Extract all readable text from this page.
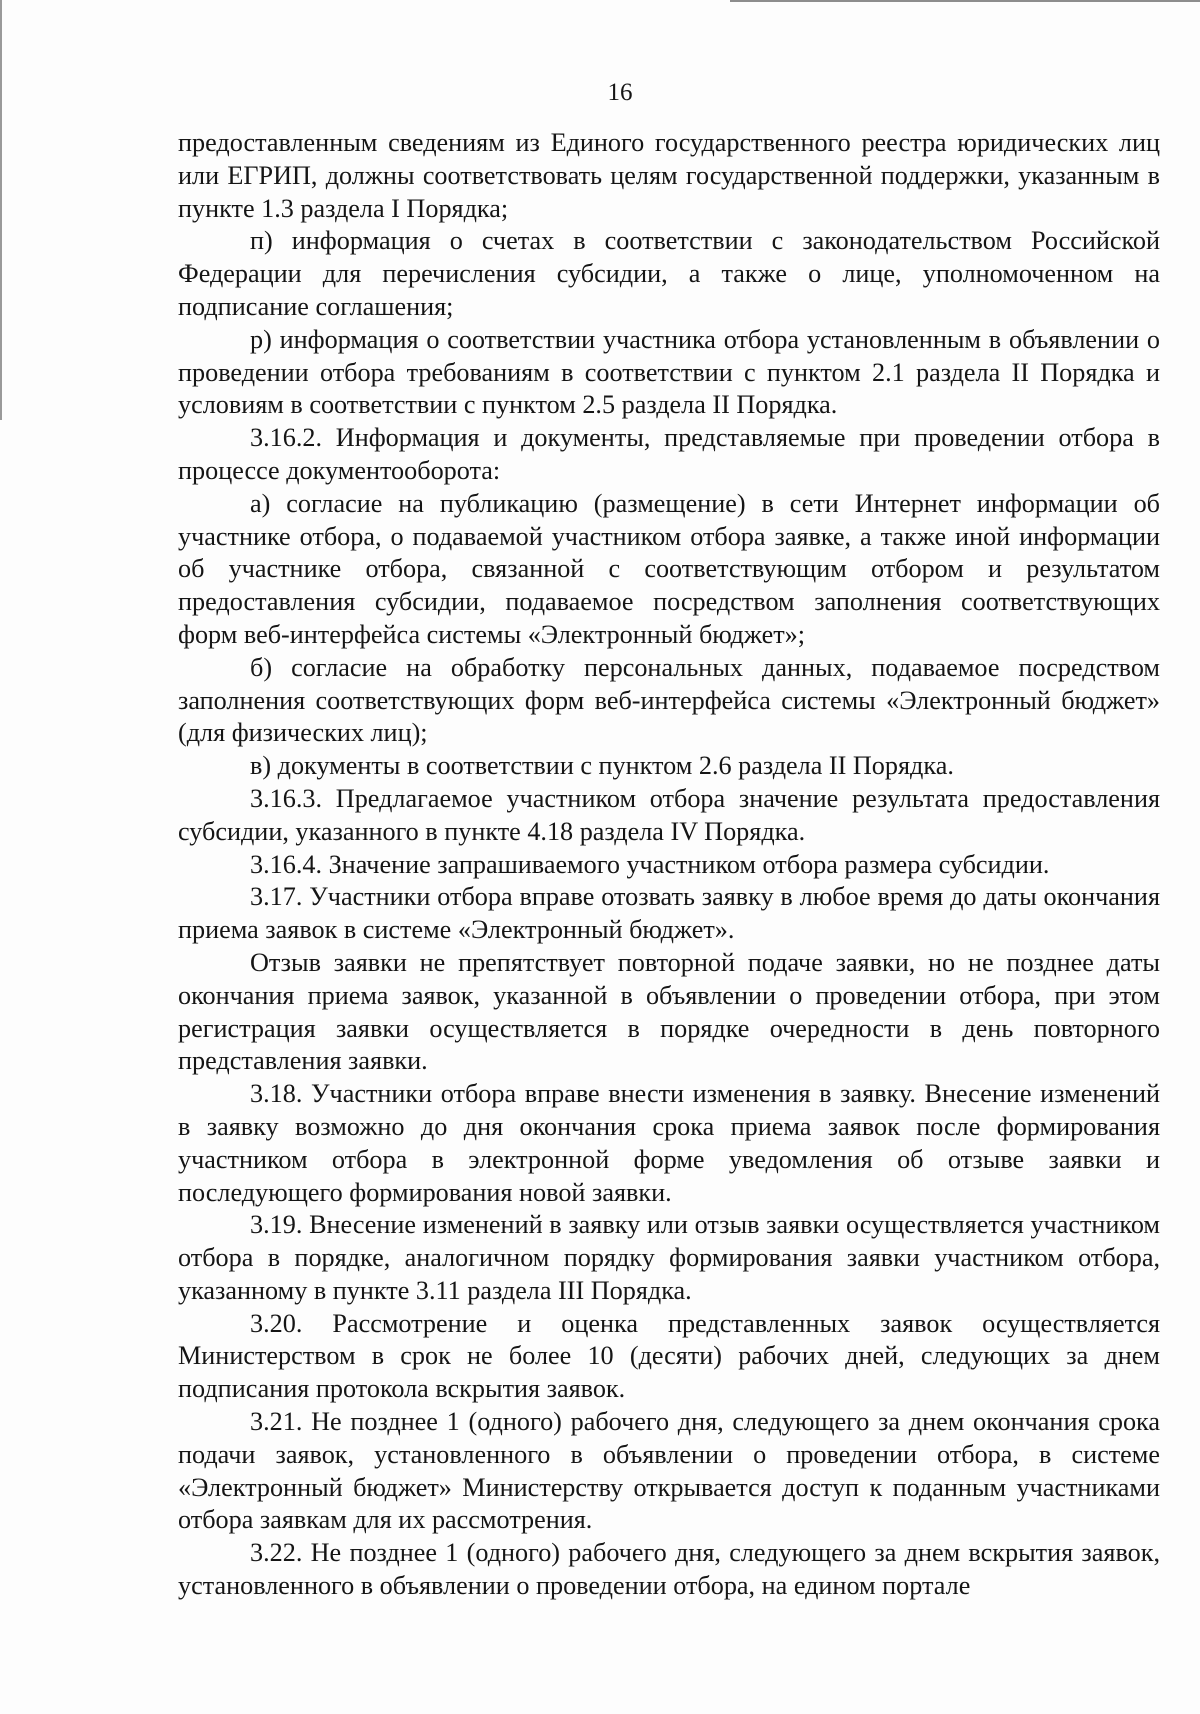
16

предоставленным сведениям из Единого государственного реестра юридических лиц или ЕГРИП, должны соответствовать целям государственной поддержки, указанным в пункте 1.3 раздела I Порядка;

п) информация о счетах в соответствии с законодательством Российской Федерации для перечисления субсидии, а также о лице, уполномоченном на подписание соглашения;

р) информация о соответствии участника отбора установленным в объявлении о проведении отбора требованиям в соответствии с пунктом 2.1 раздела II Порядка и условиям в соответствии с пунктом 2.5 раздела II Порядка.

3.16.2. Информация и документы, представляемые при проведении отбора в процессе документооборота:

а) согласие на публикацию (размещение) в сети Интернет информации об участнике отбора, о подаваемой участником отбора заявке, а также иной информации об участнике отбора, связанной с соответствующим отбором и результатом предоставления субсидии, подаваемое посредством заполнения соответствующих форм веб-интерфейса системы «Электронный бюджет»;

б) согласие на обработку персональных данных, подаваемое посредством заполнения соответствующих форм веб-интерфейса системы «Электронный бюджет» (для физических лиц);

в) документы в соответствии с пунктом 2.6 раздела II Порядка.

3.16.3. Предлагаемое участником отбора значение результата предоставления субсидии, указанного в пункте 4.18 раздела IV Порядка.

3.16.4. Значение запрашиваемого участником отбора размера субсидии.

3.17. Участники отбора вправе отозвать заявку в любое время до даты окончания приема заявок в системе «Электронный бюджет».

Отзыв заявки не препятствует повторной подаче заявки, но не позднее даты окончания приема заявок, указанной в объявлении о проведении отбора, при этом регистрация заявки осуществляется в порядке очередности в день повторного представления заявки.

3.18. Участники отбора вправе внести изменения в заявку. Внесение изменений в заявку возможно до дня окончания срока приема заявок после формирования участником отбора в электронной форме уведомления об отзыве заявки и последующего формирования новой заявки.

3.19. Внесение изменений в заявку или отзыв заявки осуществляется участником отбора в порядке, аналогичном порядку формирования заявки участником отбора, указанному в пункте 3.11 раздела III Порядка.

3.20. Рассмотрение и оценка представленных заявок осуществляется Министерством в срок не более 10 (десяти) рабочих дней, следующих за днем подписания протокола вскрытия заявок.

3.21. Не позднее 1 (одного) рабочего дня, следующего за днем окончания срока подачи заявок, установленного в объявлении о проведении отбора, в системе «Электронный бюджет» Министерству открывается доступ к поданным участниками отбора заявкам для их рассмотрения.

3.22. Не позднее 1 (одного) рабочего дня, следующего за днем вскрытия заявок, установленного в объявлении о проведении отбора, на едином портале
